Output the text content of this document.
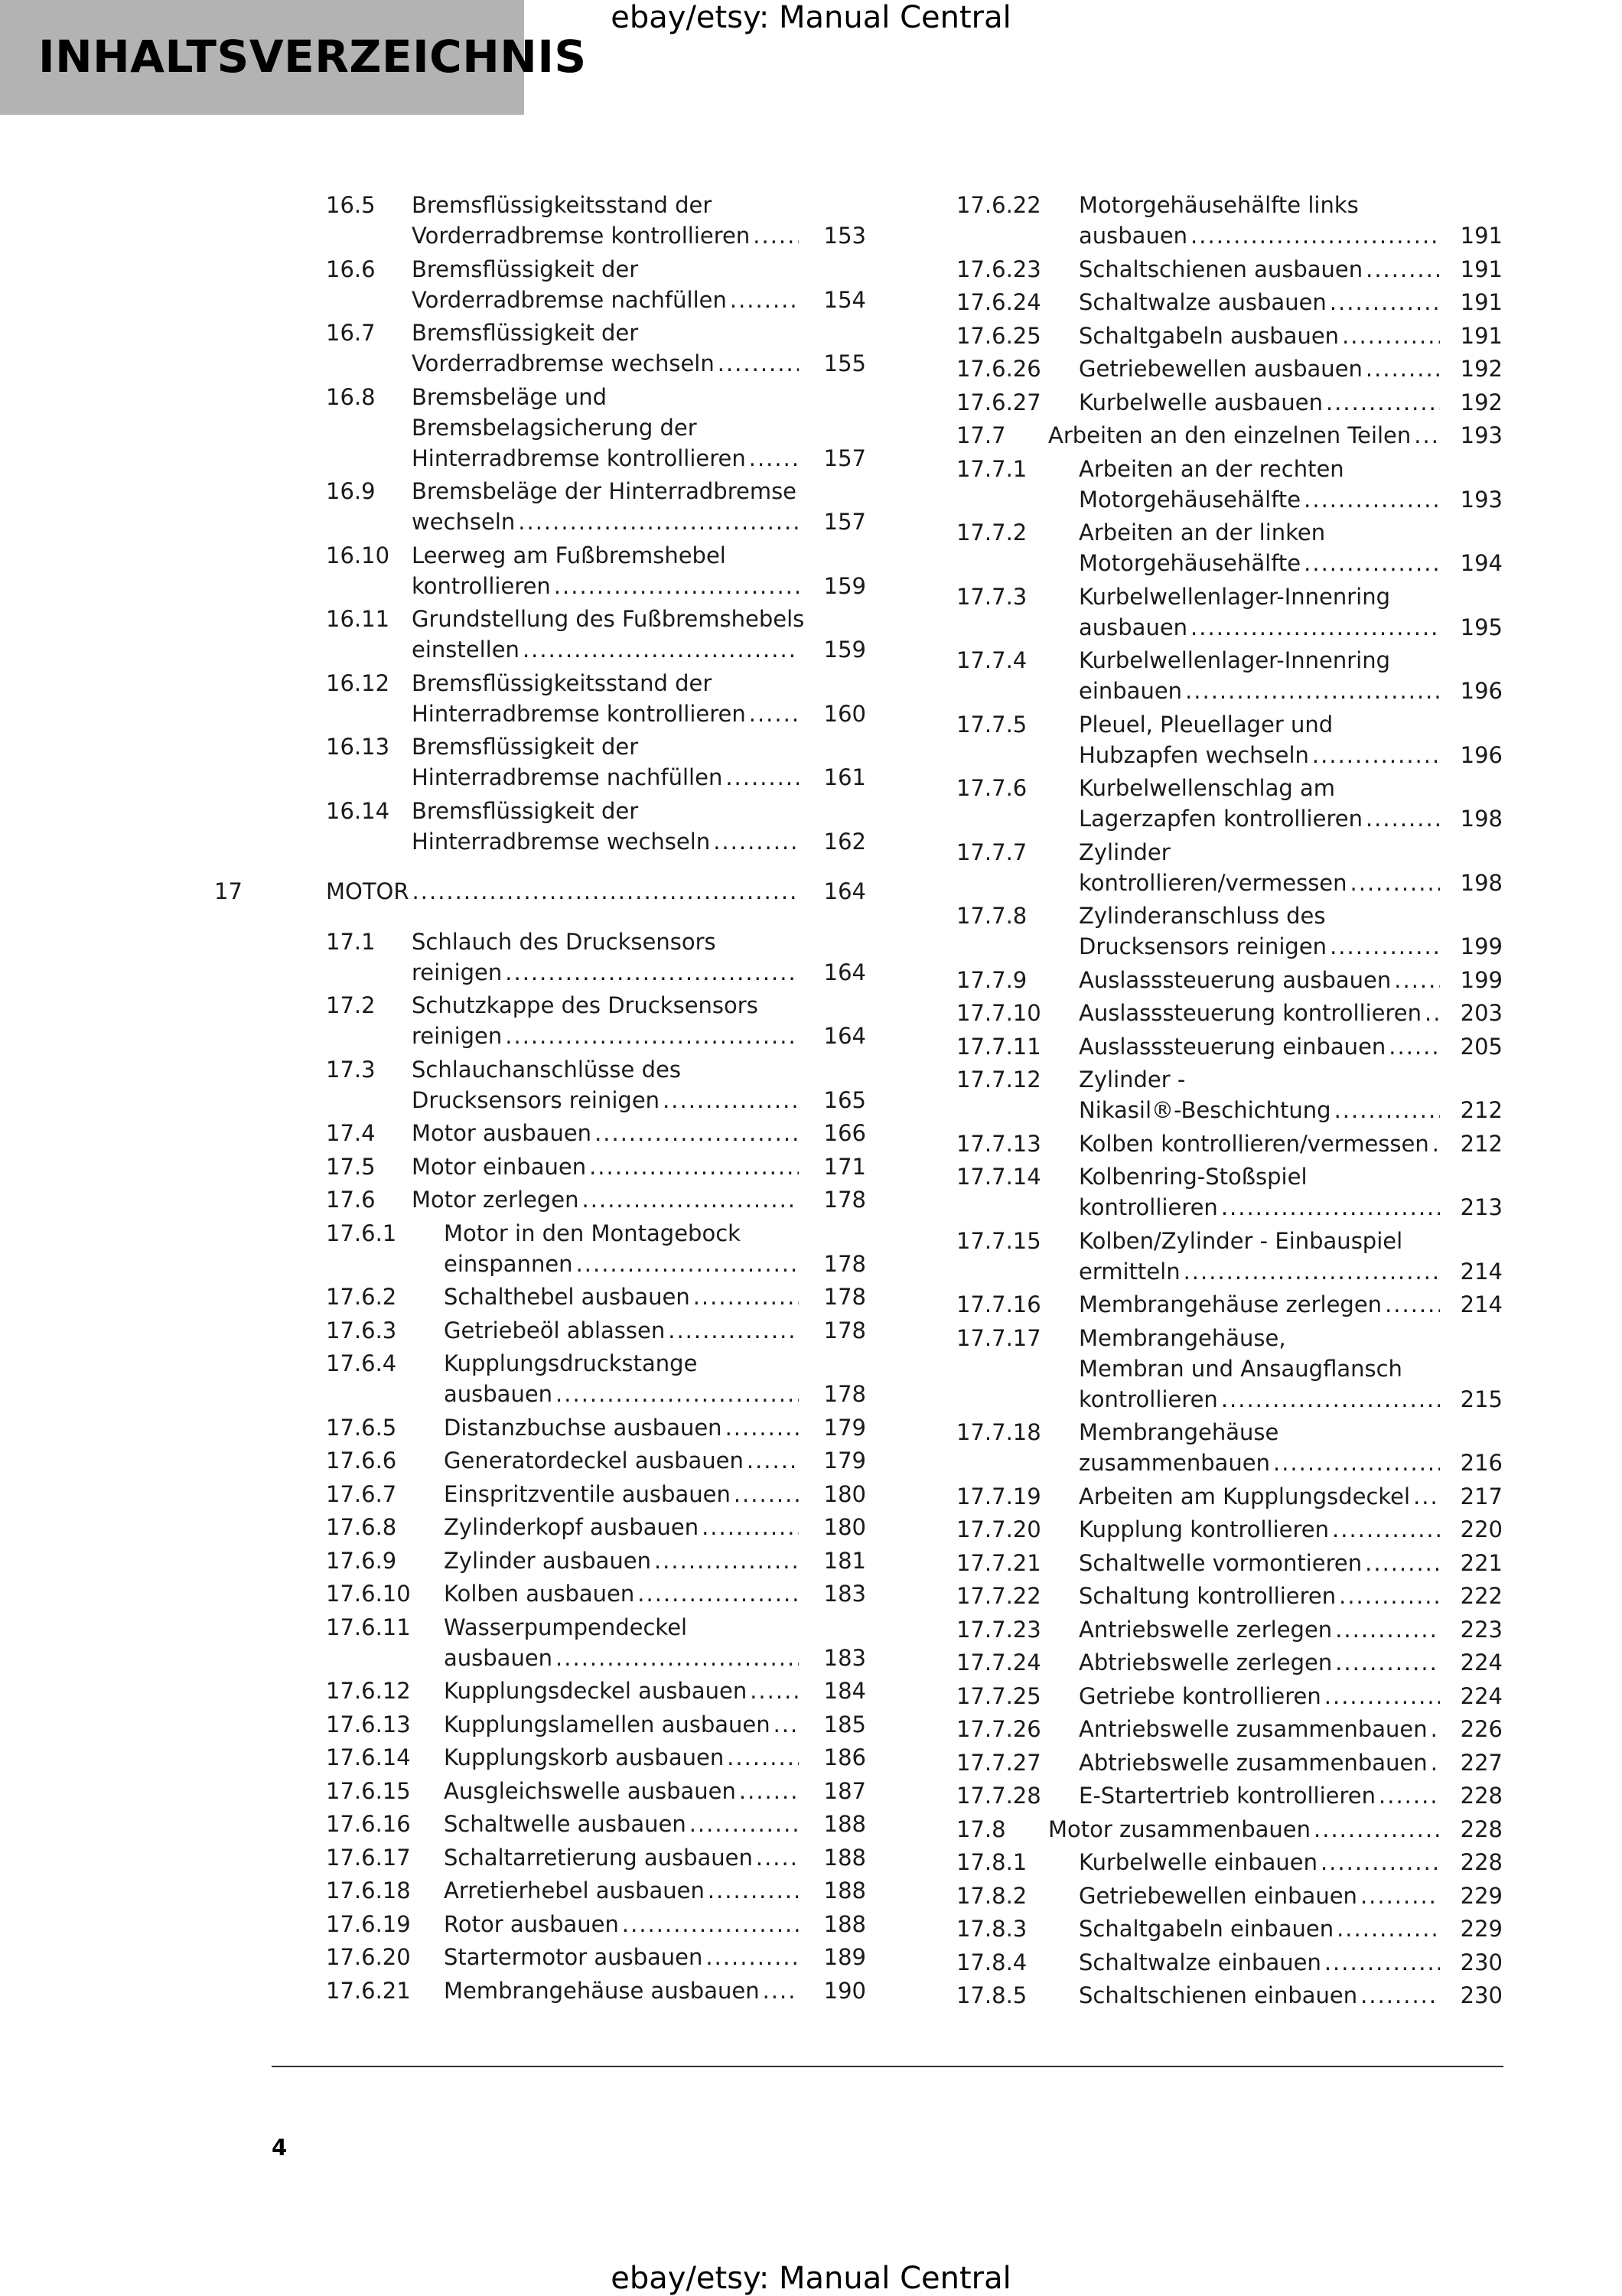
ebay/etsy: Manual Central
INHALTSVERZEICHNIS
16.5 Bremsflüssigkeitsstand der
Vorderradbremse kontrollieren .....	153
16.6 Bremsflüssigkeit der
Vorderradbremse nachfüllen .....	154
16.7 Bremsflüssigkeit der
Vorderradbremse wechseln .....	155
16.8 Bremsbeläge und
Bremsbelagsicherung der
Hinterradbremse kontrollieren .....	157
16.9 Bremsbeläge der Hinterradbremse
wechseln .....	157
16.10 Leerweg am Fußbremshebel
kontrollieren .....	159
16.11 Grundstellung des Fußbremshebels
einstellen .....	159
16.12 Bremsflüssigkeitsstand der
Hinterradbremse kontrollieren .....	160
16.13 Bremsflüssigkeit der
Hinterradbremse nachfüllen .....	161
16.14 Bremsflüssigkeit der
Hinterradbremse wechseln .....	162
17	MOTOR .....	164
17.1 Schlauch des Drucksensors
reinigen .....	164
17.2 Schutzkappe des Drucksensors
reinigen .....	164
17.3 Schlauchanschlüsse des
Drucksensors reinigen .....	165
17.4 Motor ausbauen .....	166
17.5 Motor einbauen .....	171
17.6 Motor zerlegen .....	178
17.6.1 Motor in den Montagebock
einspannen .....	178
17.6.2 Schalthebel ausbauen .....	178
17.6.3 Getriebeöl ablassen .....	178
17.6.4 Kupplungsdruckstange
ausbauen .....	178
17.6.5 Distanzbuchse ausbauen .....	179
17.6.6 Generatordeckel ausbauen .....	179
17.6.7 Einspritzventile ausbauen .....	180
17.6.8 Zylinderkopf ausbauen .....	180
17.6.9 Zylinder ausbauen .....	181
17.6.10 Kolben ausbauen .....	183
17.6.11 Wasserpumpendeckel
ausbauen .....	183
17.6.12 Kupplungsdeckel ausbauen .....	184
17.6.13 Kupplungslamellen ausbauen ..... 185
17.6.14 Kupplungskorb ausbauen .....	186
17.6.15 Ausgleichswelle ausbauen .....	187
17.6.16 Schaltwelle ausbauen .....	188
17.6.17 Schaltarretierung ausbauen .....	188
17.6.18 Arretierhebel ausbauen .....	188
17.6.19 Rotor ausbauen .....	188
17.6.20 Startermotor ausbauen .....	189
17.6.21 Membrangehäuse ausbauen .....	190
17.6.22 Motorgehäusehälfte links
ausbauen .....	191
17.6.23 Schaltschienen ausbauen .....	191
17.6.24 Schaltwalze ausbauen .....	191
17.6.25 Schaltgabeln ausbauen .....	191
17.6.26 Getriebewellen ausbauen .....	192
17.6.27 Kurbelwelle ausbauen .....	192
17.7 Arbeiten an den einzelnen Teilen ..... 193
17.7.1 Arbeiten an der rechten
Motorgehäusehälfte .....	193
17.7.2 Arbeiten an der linken
Motorgehäusehälfte .....	194
17.7.3 Kurbelwellenlager-Innenring
ausbauen .....	195
17.7.4 Kurbelwellenlager-Innenring
einbauen .....	196
17.7.5 Pleuel, Pleuellager und
Hubzapfen wechseln .....	196
17.7.6 Kurbelwellenschlag am
Lagerzapfen kontrollieren .....	198
17.7.7 Zylinder
kontrollieren/vermessen .....	198
17.7.8 Zylinderanschluss des
Drucksensors reinigen .....	199
17.7.9 Auslasssteuerung ausbauen .....	199
17.7.10 Auslasssteuerung kontrollieren ..... 203
17.7.11 Auslasssteuerung einbauen .....	205
17.7.12 Zylinder -
Nikasil®-Beschichtung .....	212
17.7.13 Kolben kontrollieren/vermessen ..... 212
17.7.14 Kolbenring-Stoßspiel
kontrollieren .....	213
17.7.15 Kolben/Zylinder - Einbauspiel
ermitteln .....	214
17.7.16 Membrangehäuse zerlegen .....	214
17.7.17 Membrangehäuse,
Membran und Ansaugflansch
kontrollieren .....	215
17.7.18 Membrangehäuse
zusammenbauen .....	216
17.7.19 Arbeiten am Kupplungsdeckel ..... 217
17.7.20 Kupplung kontrollieren .....	220
17.7.21 Schaltwelle vormontieren .....	221
17.7.22 Schaltung kontrollieren .....	222
17.7.23 Antriebswelle zerlegen .....	223
17.7.24 Abtriebswelle zerlegen .....	224
17.7.25 Getriebe kontrollieren .....	224
17.7.26 Antriebswelle zusammenbauen ..... 226
17.7.27 Abtriebswelle zusammenbauen ..... 227
17.7.28 E-Startertrieb kontrollieren .....	228
17.8 Motor zusammenbauen .....	228
17.8.1 Kurbelwelle einbauen .....	228
17.8.2 Getriebewellen einbauen .....	229
17.8.3 Schaltgabeln einbauen .....	229
17.8.4 Schaltwalze einbauen .....	230
17.8.5 Schaltschienen einbauen .....	230
4
ebay/etsy: Manual Central
